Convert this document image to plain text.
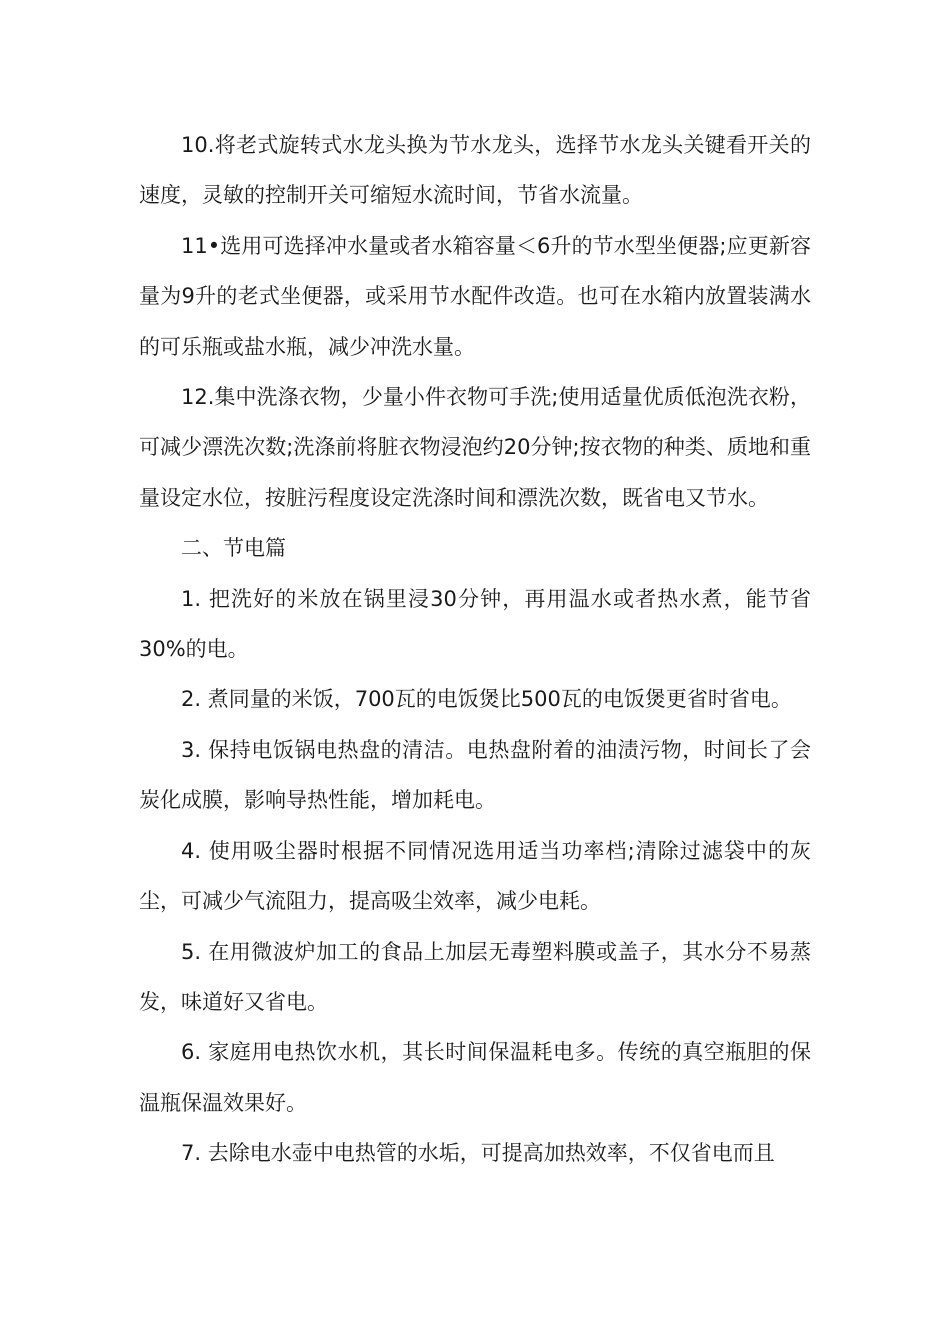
10.将老式旋转式水龙头换为节水龙头，选择节水龙头关键看开关的速度，灵敏的控制开关可缩短水流时间，节省水流量。

11•选用可选择冲水量或者水箱容量＜6升的节水型坐便器;应更新容量为9升的老式坐便器，或采用节水配件改造。也可在水箱内放置装满水的可乐瓶或盐水瓶，减少冲洗水量。

12.集中洗涤衣物，少量小件衣物可手洗;使用适量优质低泡洗衣粉，可减少漂洗次数;洗涤前将脏衣物浸泡约20分钟;按衣物的种类、质地和重量设定水位，按脏污程度设定洗涤时间和漂洗次数，既省电又节水。

二、节电篇

1. 把洗好的米放在锅里浸30分钟，再用温水或者热水煮，能节省30%的电。

2. 煮同量的米饭，700瓦的电饭煲比500瓦的电饭煲更省时省电。

3. 保持电饭锅电热盘的清洁。电热盘附着的油渍污物，时间长了会炭化成膜，影响导热性能，增加耗电。

4. 使用吸尘器时根据不同情况选用适当功率档;清除过滤袋中的灰尘，可减少气流阻力，提高吸尘效率，减少电耗。

5. 在用微波炉加工的食品上加层无毒塑料膜或盖子，其水分不易蒸发，味道好又省电。

6. 家庭用电热饮水机，其长时间保温耗电多。传统的真空瓶胆的保温瓶保温效果好。

7. 去除电水壶中电热管的水垢，可提高加热效率，不仅省电而且
